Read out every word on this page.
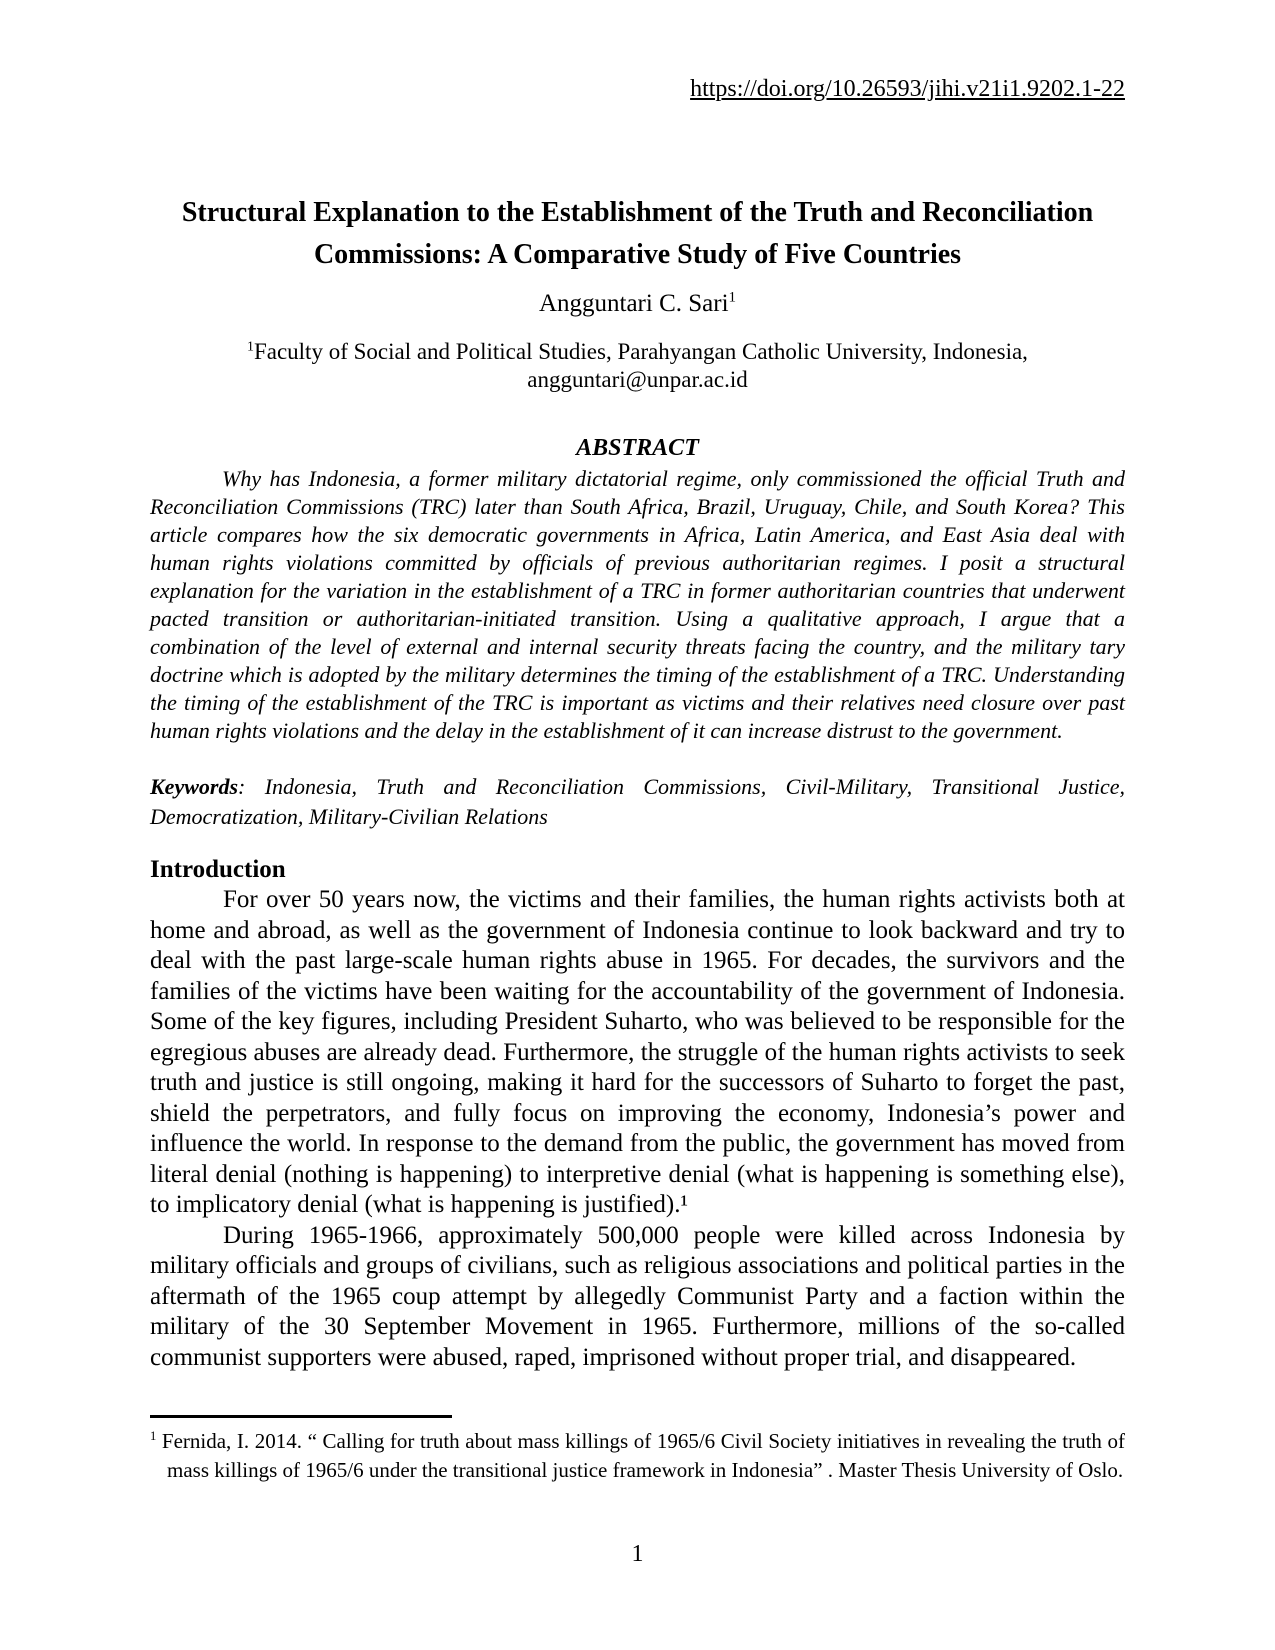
https://doi.org/10.26593/jihi.v21i1.9202.1-22
Structural Explanation to the Establishment of the Truth and Reconciliation
Commissions: A Comparative Study of Five Countries
Angguntari C. Sari$^1$
$^1$Faculty of Social and Political Studies, Parahyangan Catholic University, Indonesia,
angguntari@unpar.ac.id
ABSTRACT

Why has Indonesia, a former military dictatorial regime, only commissioned the official Truth and Reconciliation Commissions (TRC) later than South Africa, Brazil, Uruguay, Chile, and South Korea? This article compares how the six democratic governments in Africa, Latin America, and East Asia deal with human rights violations committed by officials of previous authoritarian regimes. I posit a structural explanation for the variation in the establishment of a TRC in former authoritarian countries that underwent pacted transition or authoritarian-initiated transition. Using a qualitative approach, I argue that a combination of the level of external and internal security threats facing the country, and the military tary doctrine which is adopted by the military determines the timing of the establishment of a TRC. Understanding the timing of the establishment of the TRC is important as victims and their relatives need closure over past human rights violations and the delay in the establishment of it can increase distrust to the government.

Keywords: Indonesia, Truth and Reconciliation Commissions, Civil-Military, Transitional Justice, Democratization, Military-Civilian Relations

Introduction

For over 50 years now, the victims and their families, the human rights activists both at home and abroad, as well as the government of Indonesia continue to look backward and try to deal with the past large-scale human rights abuse in 1965. For decades, the survivors and the families of the victims have been waiting for the accountability of the government of Indonesia. Some of the key figures, including President Suharto, who was believed to be responsible for the egregious abuses are already dead. Furthermore, the struggle of the human rights activists to seek truth and justice is still ongoing, making it hard for the successors of Suharto to forget the past, shield the perpetrators, and fully focus on improving the economy, Indonesia’s power and influence the world. In response to the demand from the public, the government has moved from literal denial (nothing is happening) to interpretive denial (what is happening is something else), to implicatory denial (what is happening is justified).¹

During 1965-1966, approximately 500,000 people were killed across Indonesia by military officials and groups of civilians, such as religious associations and political parties in the aftermath of the 1965 coup attempt by allegedly Communist Party and a faction within the military of the 30 September Movement in 1965. Furthermore, millions of the so-called communist supporters were abused, raped, imprisoned without proper trial, and disappeared.

$^1$ Fernida, I. 2014. “ Calling for truth about mass killings of 1965/6 Civil Society initiatives in revealing the truth of mass killings of 1965/6 under the transitional justice framework in Indonesia” . Master Thesis University of Oslo.

1
